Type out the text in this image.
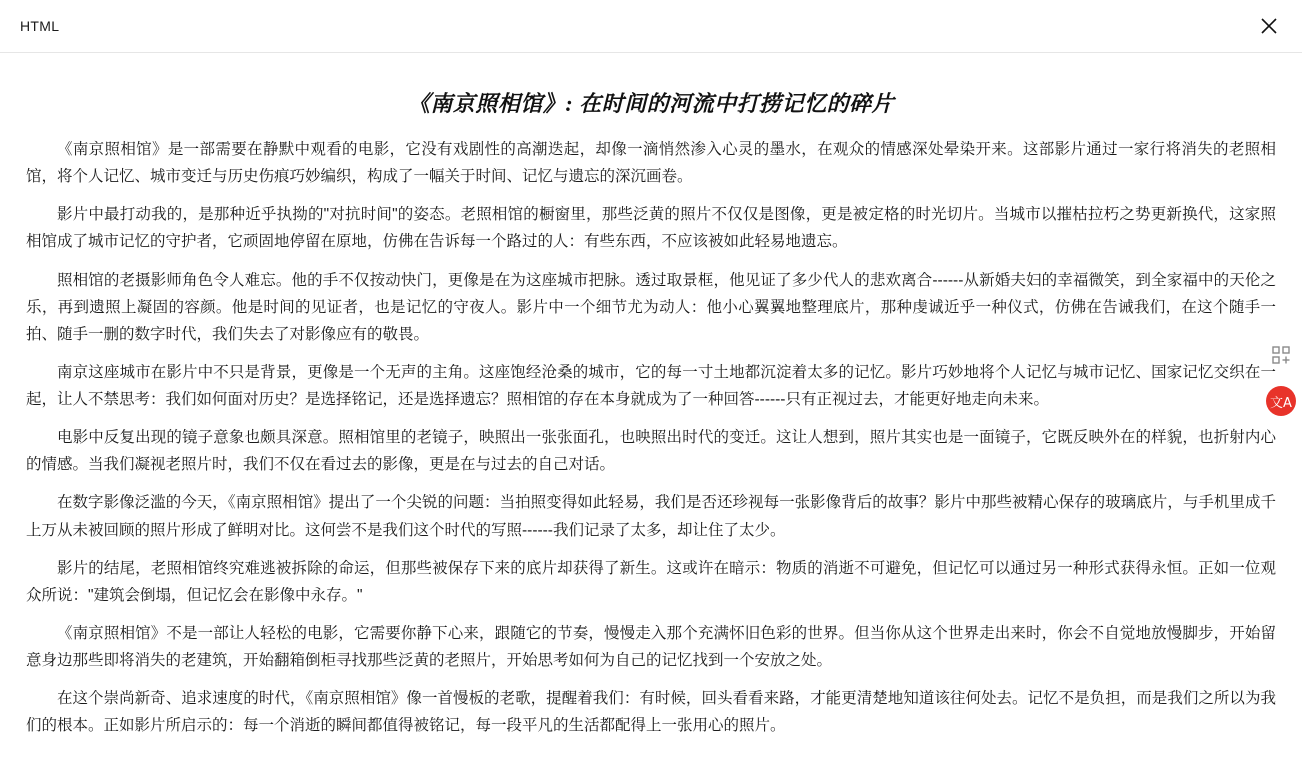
HTML
《南京照相馆》: 在时间的河流中打捞记忆的碎片

《南京照相馆》是一部需要在静默中观看的电影，它没有戏剧性的高潮迭起，却像一滴悄然渗入心灵的墨水，在观众的情感深处晕染开来。这部影片通过一家行将消失的老照相馆，将个人记忆、城市变迁与历史伤痕巧妙编织，构成了一幅关于时间、记忆与遗忘的深沉画卷。

影片中最打动我的，是那种近乎执拗的"对抗时间"的姿态。老照相馆的橱窗里，那些泛黄的照片不仅仅是图像，更是被定格的时光切片。当城市以摧枯拉朽之势更新换代，这家照相馆成了城市记忆的守护者，它顽固地停留在原地，仿佛在告诉每一个路过的人：有些东西，不应该被如此轻易地遗忘。

照相馆的老摄影师角色令人难忘。他的手不仅按动快门，更像是在为这座城市把脉。透过取景框，他见证了多少代人的悲欢离合------从新婚夫妇的幸福微笑，到全家福中的天伦之乐，再到遗照上凝固的容颜。他是时间的见证者，也是记忆的守夜人。影片中一个细节尤为动人：他小心翼翼地整理底片，那种虔诚近乎一种仪式，仿佛在告诫我们，在这个随手一拍、随手一删的数字时代，我们失去了对影像应有的敬畏。

南京这座城市在影片中不只是背景，更像是一个无声的主角。这座饱经沧桑的城市，它的每一寸土地都沉淀着太多的记忆。影片巧妙地将个人记忆与城市记忆、国家记忆交织在一起，让人不禁思考：我们如何面对历史？是选择铭记，还是选择遗忘？照相馆的存在本身就成为了一种回答------只有正视过去，才能更好地走向未来。

电影中反复出现的镜子意象也颇具深意。照相馆里的老镜子，映照出一张张面孔，也映照出时代的变迁。这让人想到，照片其实也是一面镜子，它既反映外在的样貌，也折射内心的情感。当我们凝视老照片时，我们不仅在看过去的影像，更是在与过去的自己对话。

在数字影像泛滥的今天，《南京照相馆》提出了一个尖锐的问题：当拍照变得如此轻易，我们是否还珍视每一张影像背后的故事？影片中那些被精心保存的玻璃底片，与手机里成千上万从未被回顾的照片形成了鲜明对比。这何尝不是我们这个时代的写照------我们记录了太多，却让住了太少。

影片的结尾，老照相馆终究难逃被拆除的命运，但那些被保存下来的底片却获得了新生。这或许在暗示：物质的消逝不可避免，但记忆可以通过另一种形式获得永恒。正如一位观众所说："建筑会倒塌，但记忆会在影像中永存。"

《南京照相馆》不是一部让人轻松的电影，它需要你静下心来，跟随它的节奏，慢慢走入那个充满怀旧色彩的世界。但当你从这个世界走出来时，你会不自觉地放慢脚步，开始留意身边那些即将消失的老建筑，开始翻箱倒柜寻找那些泛黄的老照片，开始思考如何为自己的记忆找到一个安放之处。

在这个崇尚新奇、追求速度的时代，《南京照相馆》像一首慢板的老歌，提醒着我们：有时候，回头看看来路，才能更清楚地知道该往何处去。记忆不是负担，而是我们之所以为我们的根本。正如影片所启示的：每一个消逝的瞬间都值得被铭记，每一段平凡的生活都配得上一张用心的照片。

文A
